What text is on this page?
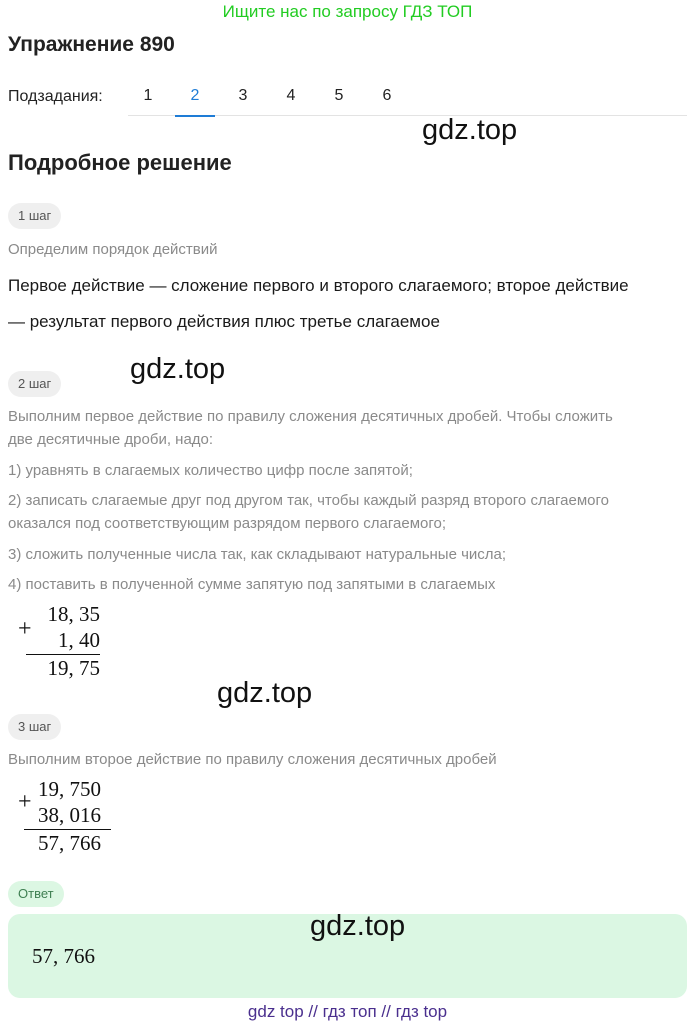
Ищите нас по запросу ГДЗ ТОП
Упражнение 890
Подзадания:	1	2	3	4	5	6
gdz.top
Подробное решение
1 шаг
Определим порядок действий
Первое действие — сложение первого и второго слагаемого; второе действие
— результат первого действия плюс третье слагаемое
gdz.top
2 шаг
Выполним первое действие по правилу сложения десятичных дробей. Чтобы сложить
две десятичные дроби, надо:
1) уравнять в слагаемых количество цифр после запятой;
2) записать слагаемые друг под другом так, чтобы каждый разряд второго слагаемого
оказался под соответствующим разрядом первого слагаемого;
3) сложить полученные числа так, как складывают натуральные числа;
4) поставить в полученной сумме запятую под запятыми в слагаемых
+
18, 35
1, 40
19, 75
gdz.top
3 шаг
Выполним второе действие по правилу сложения десятичных дробей
+ 19, 750
38, 016
57, 766
Ответ
57, 766
gdz.top
gdz top // гдз топ // гдз top
